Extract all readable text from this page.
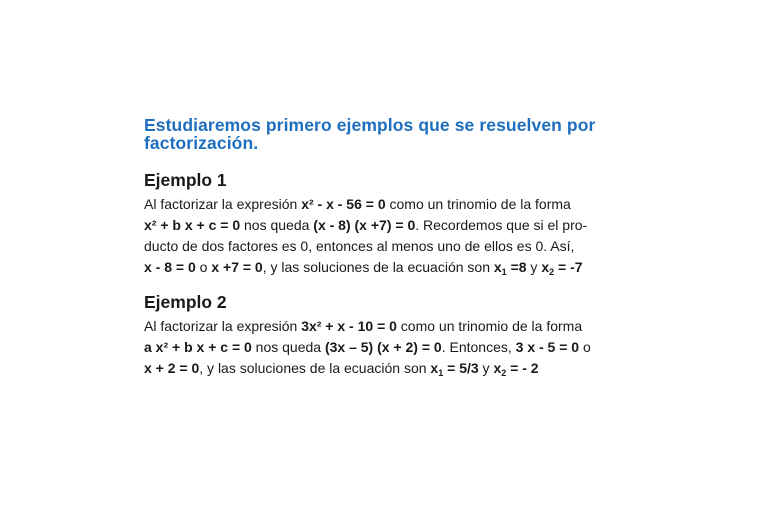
Estudiaremos primero ejemplos que se resuelven por
factorización.

Ejemplo 1

Al factorizar la expresión x² - x - 56 = 0 como un trinomio de la forma
x² + b x + c = 0 nos queda (x - 8) (x +7) = 0. Recordemos que si el pro-
ducto de dos factores es 0, entonces al menos uno de ellos es 0. Así,
x - 8 = 0 o x +7 = 0, y las soluciones de la ecuación son $x_1 =8$ y $x_2 = -7$

Ejemplo 2

Al factorizar la expresión 3x² + x - 10 = 0 como un trinomio de la forma
a x² + b x + c = 0 nos queda (3x – 5) (x + 2) = 0. Entonces, 3 x - 5 = 0 o
x + 2 = 0, y las soluciones de la ecuación son $x_1 = 5/3$ y $x_2$ = - 2
